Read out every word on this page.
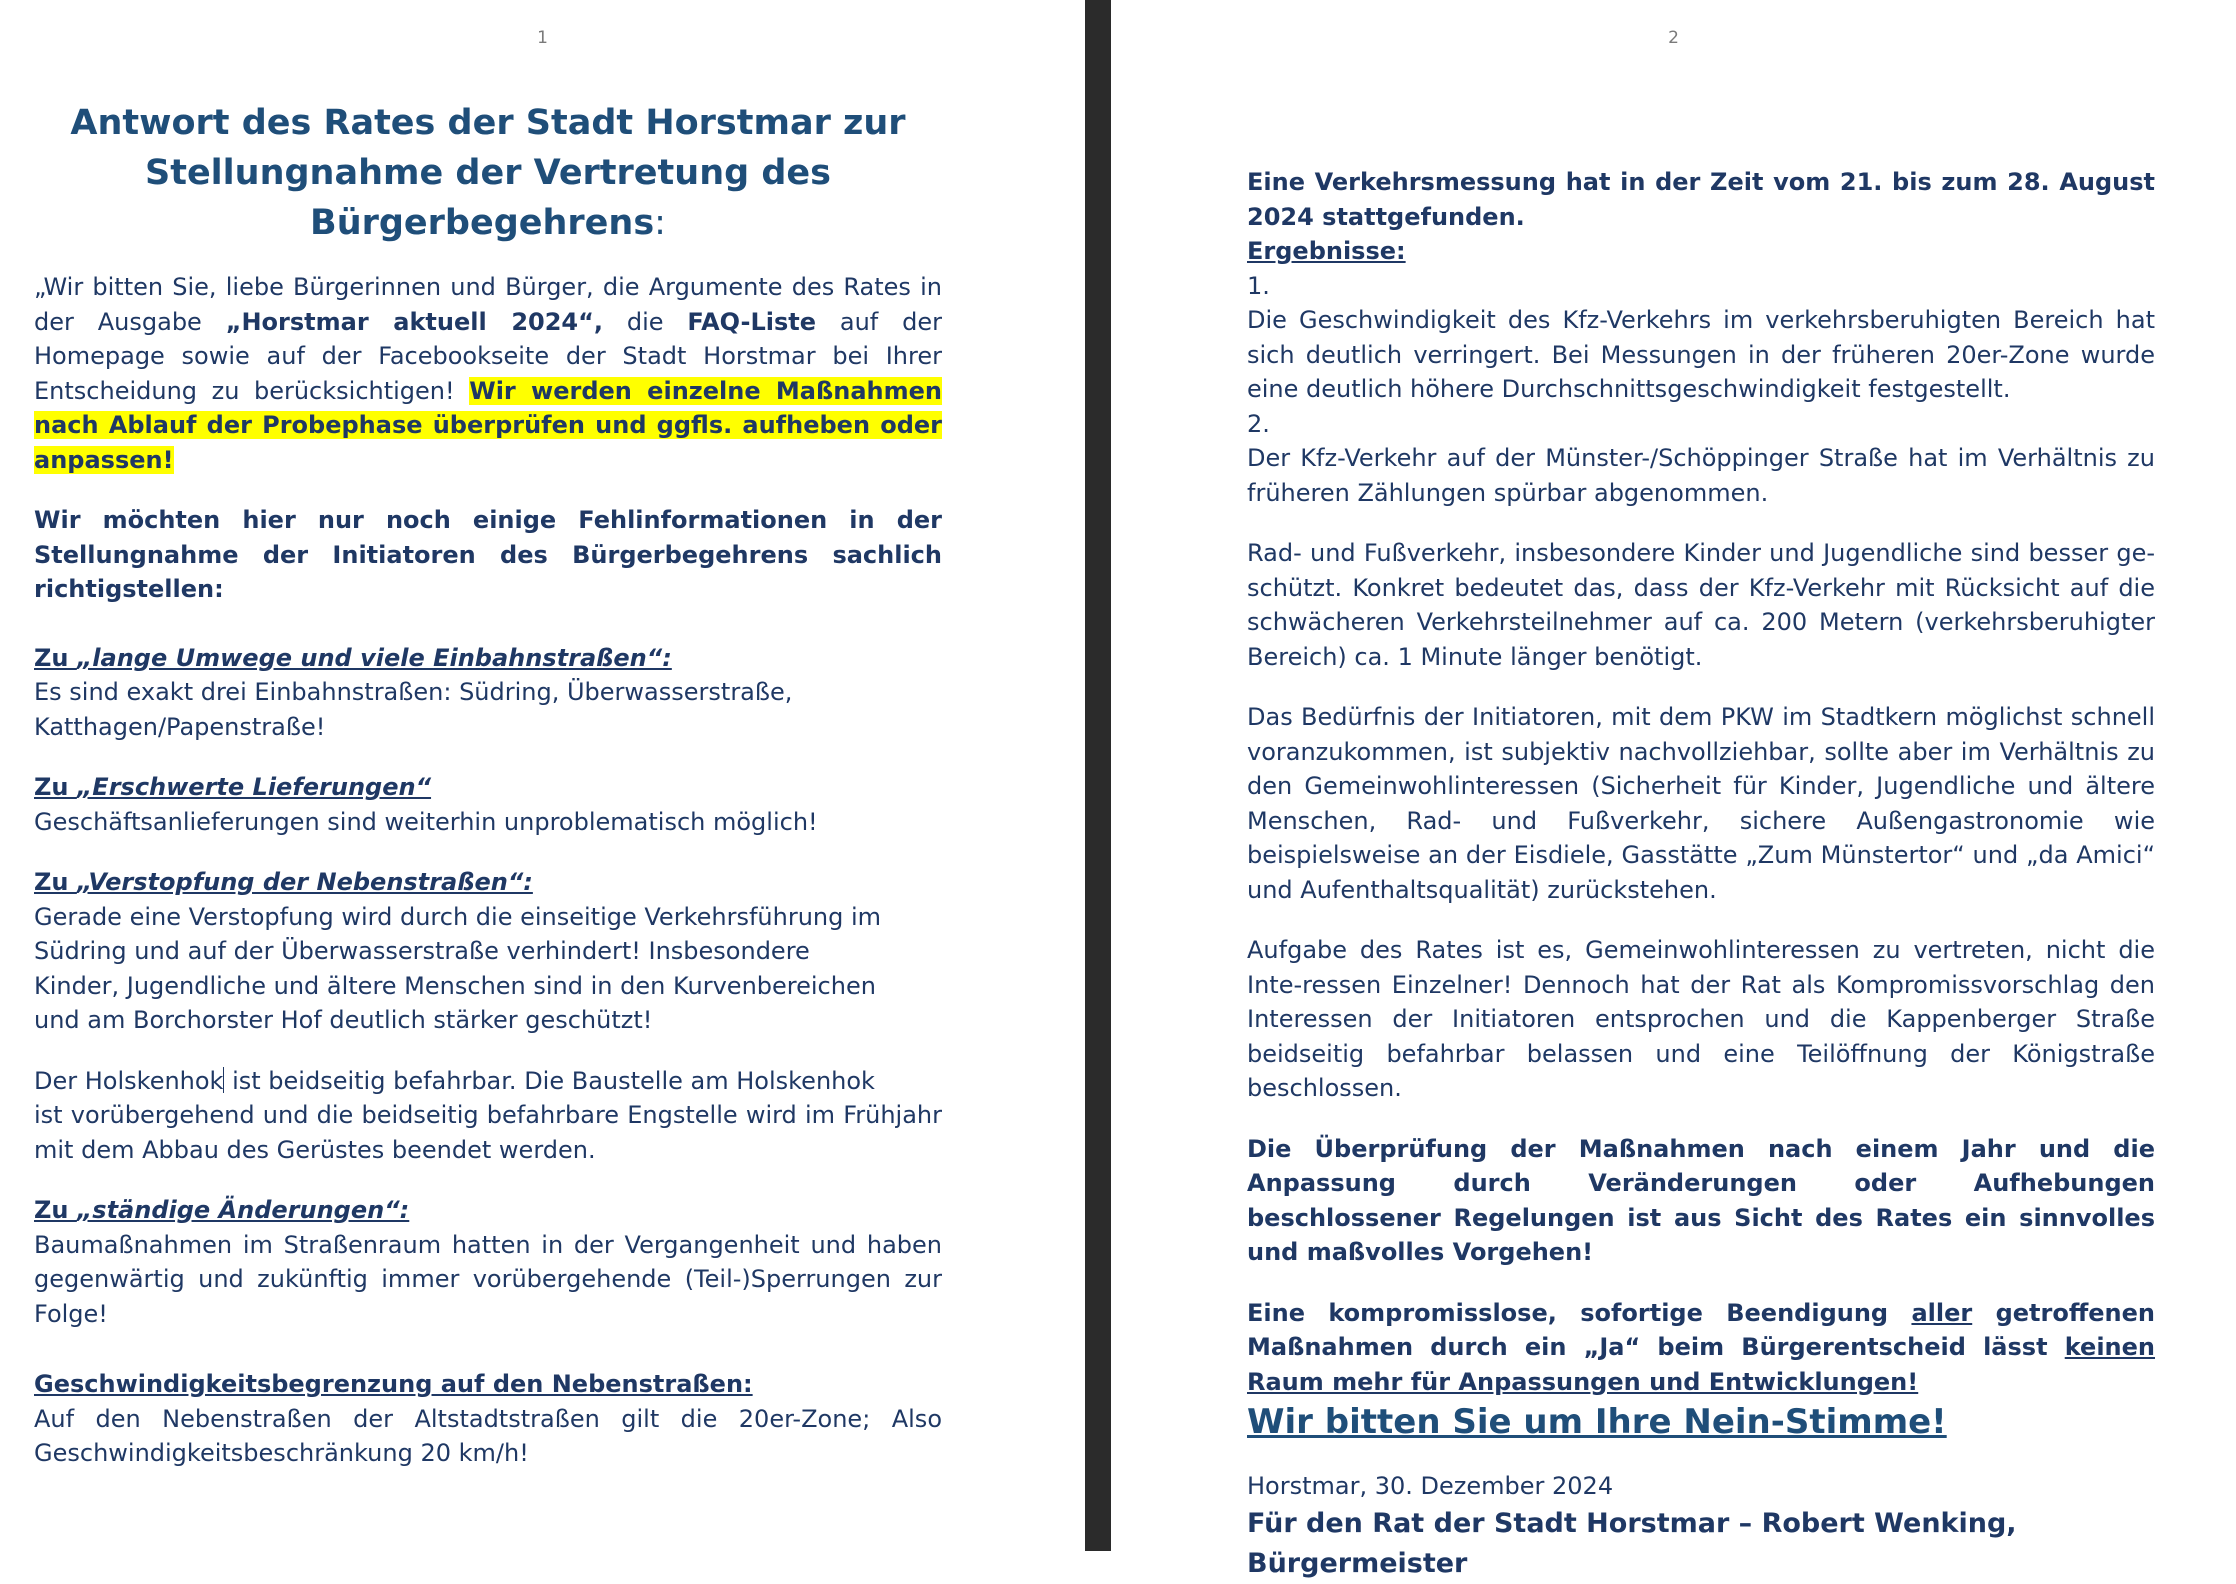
1
Antwort des Rates der Stadt Horstmar zur
Stellungnahme der Vertretung des Bürgerbegehrens:

„Wir bitten Sie, liebe Bürgerinnen und Bürger, die Argumente des Rates in der Ausgabe „Horstmar aktuell 2024“, die FAQ-Liste auf der Homepage sowie auf der Facebookseite der Stadt Horstmar bei Ihrer Entscheidung zu berücksichtigen! Wir werden einzelne Maßnahmen nach Ablauf der Probephase überprüfen und ggfls. aufheben oder anpassen!

Wir möchten hier nur noch einige Fehlinformationen in der Stellungnahme der Initiatoren des Bürgerbegehrens sachlich richtigstellen:

Zu „lange Umwege und viele Einbahnstraßen“:

Es sind exakt drei Einbahnstraßen: Südring, Überwasserstraße,
Katthagen/Papenstraße!

Zu „Erschwerte Lieferungen“

Geschäftsanlieferungen sind weiterhin unproblematisch möglich!

Zu „Verstopfung der Nebenstraßen“:

Gerade eine Verstopfung wird durch die einseitige Verkehrsführung im
Südring und auf der Überwasserstraße verhindert! Insbesondere
Kinder, Jugendliche und ältere Menschen sind in den Kurvenbereichen
und am Borchorster Hof deutlich stärker geschützt!

Der Holskenhok ist beidseitig befahrbar. Die Baustelle am Holskenhok
ist vorübergehend und die beidseitig befahrbare Engstelle wird im Frühjahr mit dem Abbau des Gerüstes beendet werden.

Zu „ständige Änderungen“:

Baumaßnahmen im Straßenraum hatten in der Vergangenheit und haben gegenwärtig und zukünftig immer vorübergehende (Teil-)Sperrungen zur Folge!

Geschwindigkeitsbegrenzung auf den Nebenstraßen:

Auf den Nebenstraßen der Altstadtstraßen gilt die 20er-Zone; Also Geschwindigkeitsbeschränkung 20 km/h!

2

Eine Verkehrsmessung hat in der Zeit vom 21. bis zum 28. August 2024 stattgefunden.

Ergebnisse:

1.

Die Geschwindigkeit des Kfz-Verkehrs im verkehrsberuhigten Bereich hat sich deutlich verringert. Bei Messungen in der früheren 20er-Zone wurde eine deutlich höhere Durchschnittsgeschwindigkeit festgestellt.

2.

Der Kfz-Verkehr auf der Münster-/Schöppinger Straße hat im Verhältnis zu früheren Zählungen spürbar abgenommen.

Rad- und Fußverkehr, insbesondere Kinder und Jugendliche sind besser ge-schützt. Konkret bedeutet das, dass der Kfz-Verkehr mit Rücksicht auf die schwächeren Verkehrsteilnehmer auf ca. 200 Metern (verkehrsberuhigter Bereich) ca. 1 Minute länger benötigt.

Das Bedürfnis der Initiatoren, mit dem PKW im Stadtkern möglichst schnell voranzukommen, ist subjektiv nachvollziehbar, sollte aber im Verhältnis zu den Gemeinwohlinteressen (Sicherheit für Kinder, Jugendliche und ältere Menschen, Rad- und Fußverkehr, sichere Außengastronomie wie beispielsweise an der Eisdiele, Gasstätte „Zum Münstertor“ und „da Amici“ und Aufenthaltsqualität) zurückstehen.

Aufgabe des Rates ist es, Gemeinwohlinteressen zu vertreten, nicht die Inte-ressen Einzelner! Dennoch hat der Rat als Kompromissvorschlag den Interessen der Initiatoren entsprochen und die Kappenberger Straße beidseitig befahrbar belassen und eine Teilöffnung der Königstraße beschlossen.

Die Überprüfung der Maßnahmen nach einem Jahr und die Anpassung durch Veränderungen oder Aufhebungen beschlossener Regelungen ist aus Sicht des Rates ein sinnvolles und maßvolles Vorgehen!

Eine kompromisslose, sofortige Beendigung aller getroffenen Maßnahmen durch ein „Ja“ beim Bürgerentscheid lässt keinen Raum mehr für Anpassungen und Entwicklungen!

Wir bitten Sie um Ihre Nein-Stimme!

Horstmar, 30. Dezember 2024

Für den Rat der Stadt Horstmar – Robert Wenking, Bürgermeister
